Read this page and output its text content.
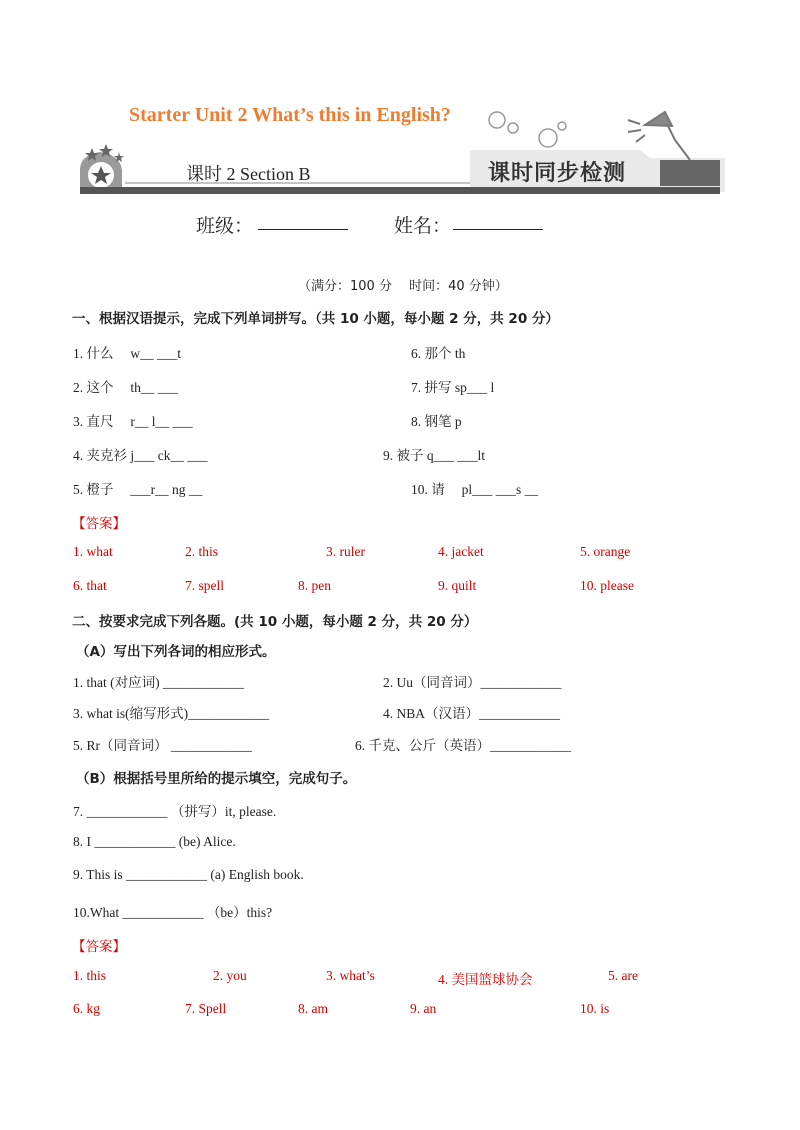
Starter Unit 2 What’s this in English?
课时 2 Section B	课时同步检测
班级：	姓名：
（满分：100 分　 时间：40 分钟）
一、根据汉语提示，完成下列单词拼写。（共 10 小题，每小题 2 分，共 20 分）
1. 什么　 w__ ___t	6. 那个 th
2. 这个　 th__ ___	7. 拼写 sp___ l
3. 直尺　 r__ l__ ___	8. 钢笔 p
4. 夹克衫 j___ ck__ ___	9. 被子 q___ ___lt
5. 橙子　 ___r__ ng __	10. 请　 pl___ ___s __
【答案】
1. what	2. this	3. ruler	4. jacket	5. orange
6. that	7. spell	8. pen	9. quilt	10. please
二、按要求完成下列各题。(共 10 小题，每小题 2 分，共 20 分）
（A）写出下列各词的相应形式。
1. that (对应词) ____________	2. Uu（同音词）____________
3. what is(缩写形式)____________	4. NBA（汉语）____________
5. Rr（同音词） ____________	6. 千克、公斤（英语）____________
（B）根据括号里所给的提示填空，完成句子。
7. ____________ （拼写）it, please.
8. I ____________ (be) Alice.
9. This is ____________ (a) English book.
10.What ____________ （be）this?
【答案】
1. this	2. you	3. what’s	4. 美国篮球协会	5. are
6. kg	7. Spell	8. am	9. an	10. is
